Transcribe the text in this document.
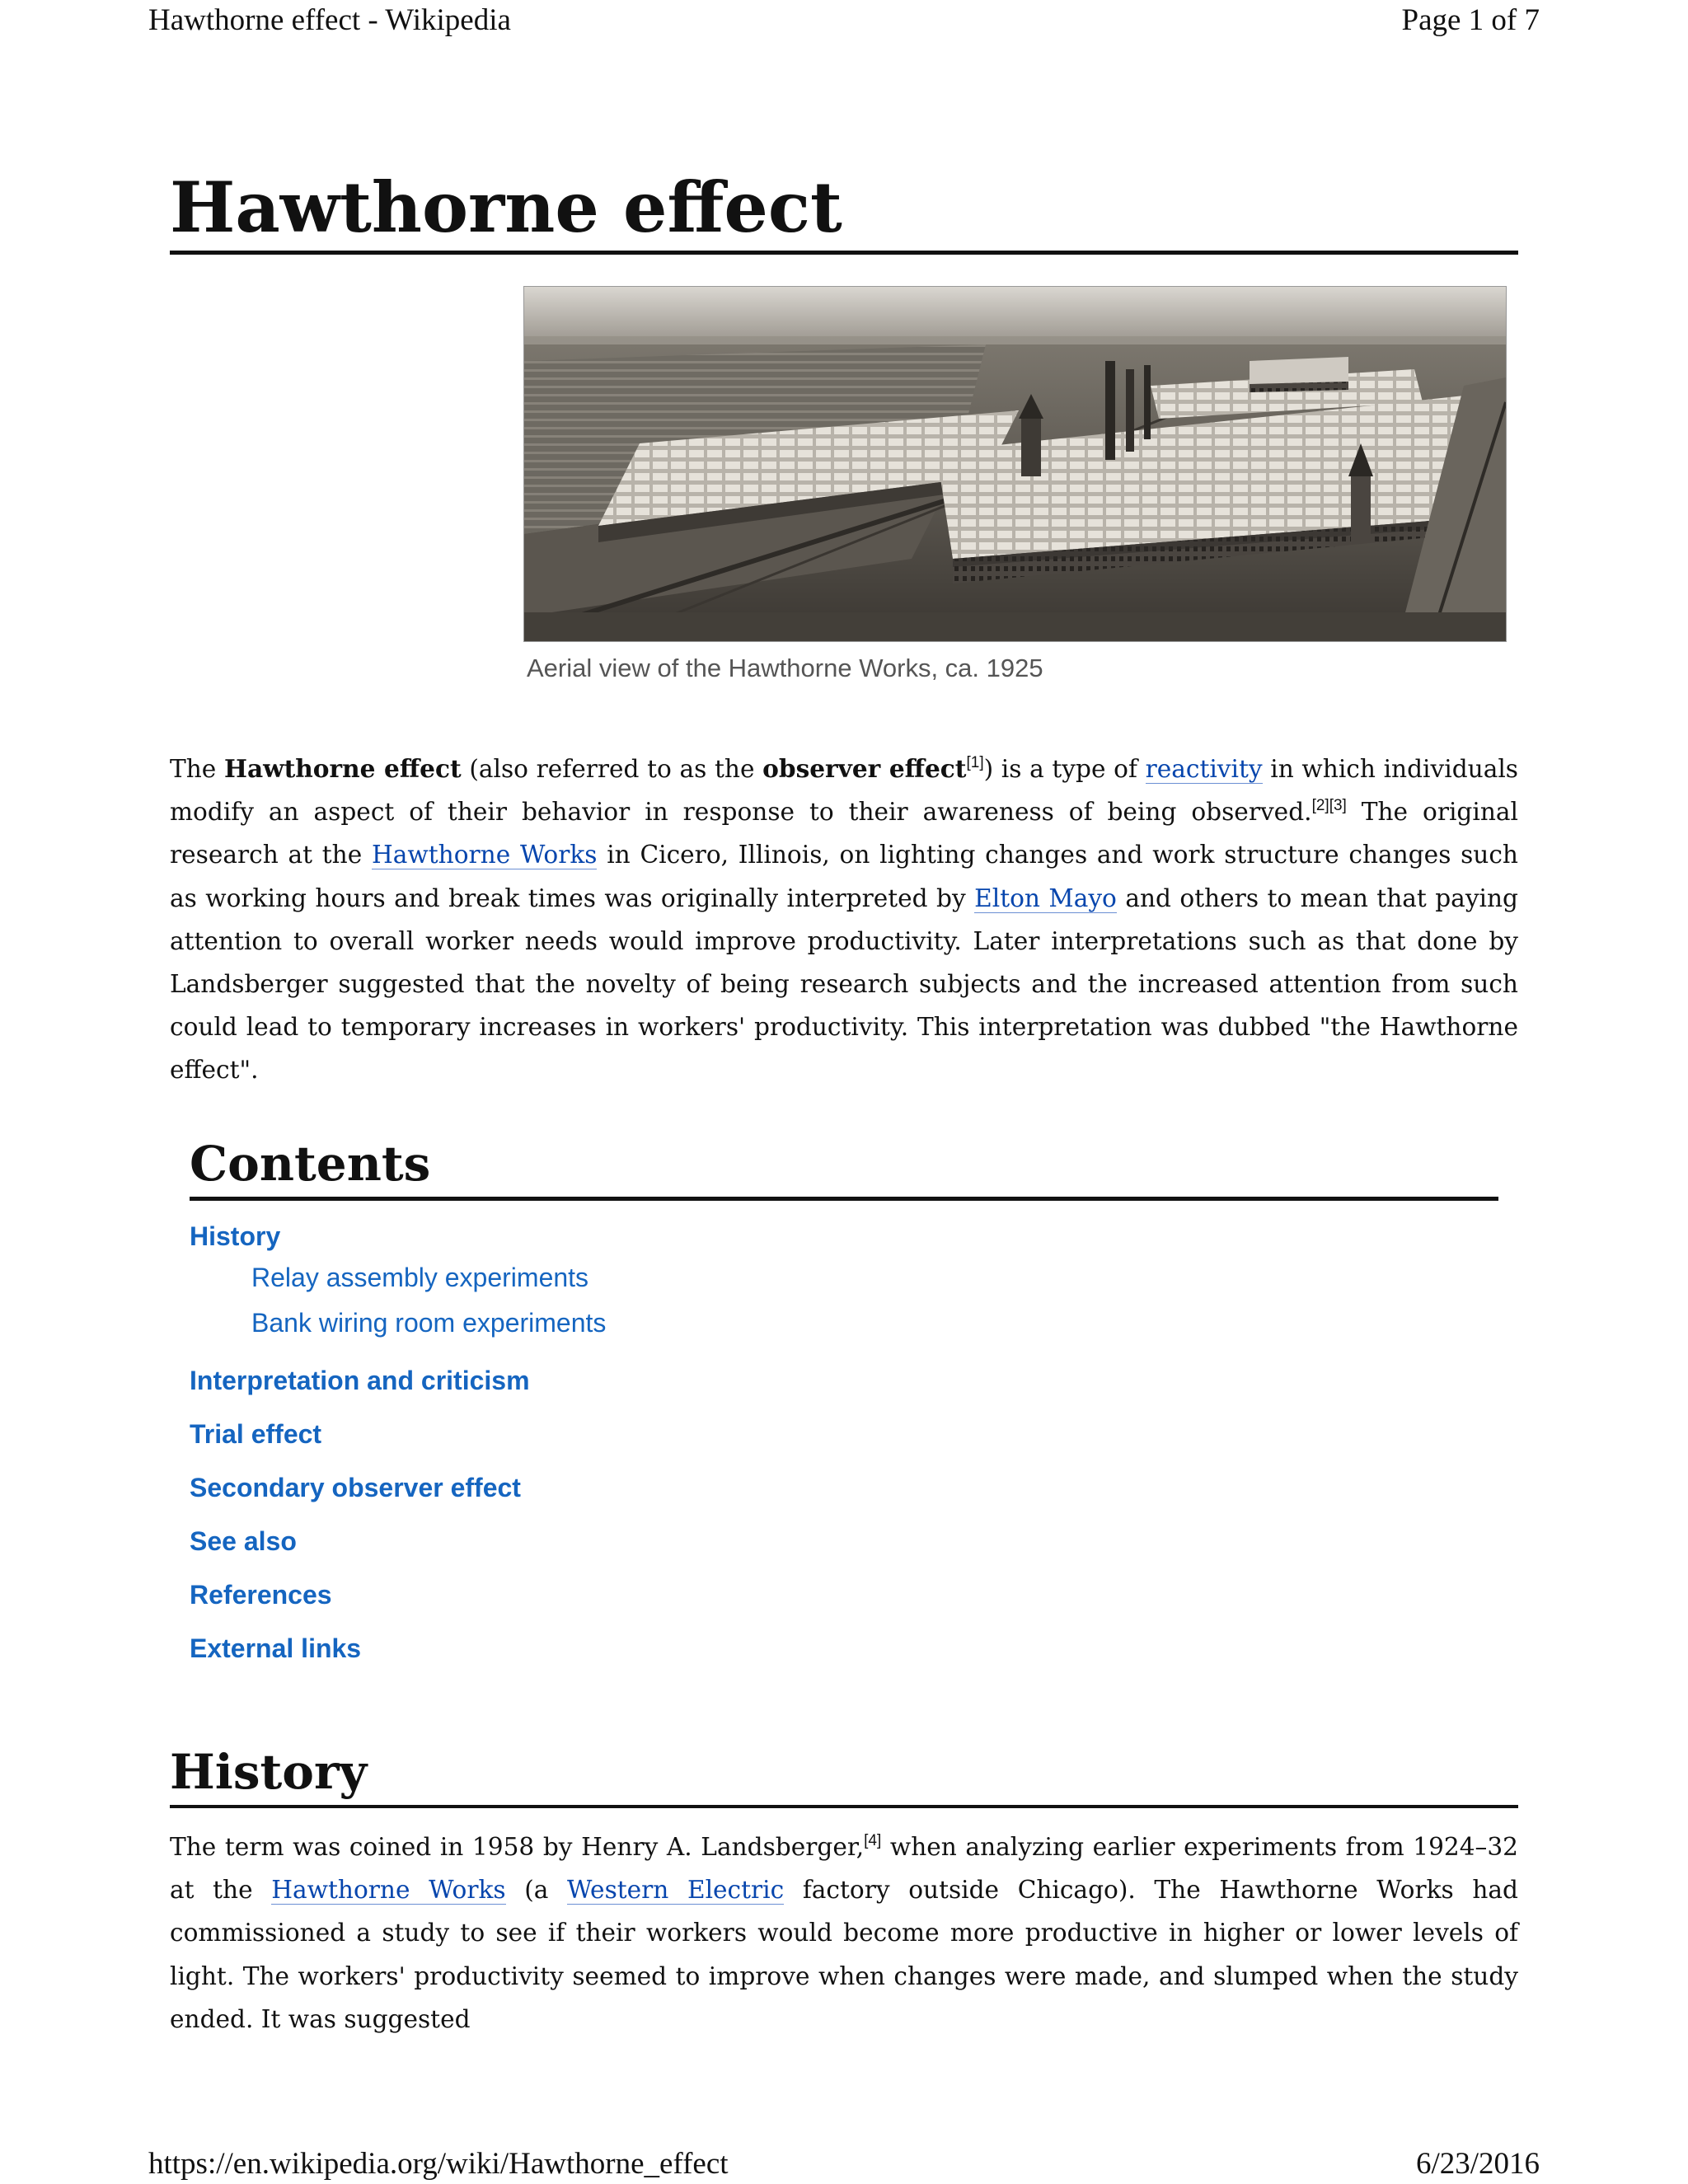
Hawthorne effect - Wikipedia	Page 1 of 7
Hawthorne effect
Aerial view of the Hawthorne Works, ca. 1925

The Hawthorne effect (also referred to as the observer effect[1]) is a type of reactivity in which individuals modify an aspect of their behavior in response to their awareness of being observed.[2][3] The original research at the Hawthorne Works in Cicero, Illinois, on lighting changes and work structure changes such as working hours and break times was originally interpreted by Elton Mayo and others to mean that paying attention to overall worker needs would improve productivity. Later interpretations such as that done by Landsberger suggested that the novelty of being research subjects and the increased attention from such could lead to temporary increases in workers' productivity. This interpretation was dubbed "the Hawthorne effect".

Contents
History
Relay assembly experiments
Bank wiring room experiments
Interpretation and criticism
Trial effect
Secondary observer effect
See also
References
External links
History

The term was coined in 1958 by Henry A. Landsberger,[4] when analyzing earlier experiments from 1924–32 at the Hawthorne Works (a Western Electric factory outside Chicago). The Hawthorne Works had commissioned a study to see if their workers would become more productive in higher or lower levels of light. The workers' productivity seemed to improve when changes were made, and slumped when the study ended. It was suggested

https://en.wikipedia.org/wiki/Hawthorne_effect	6/23/2016
